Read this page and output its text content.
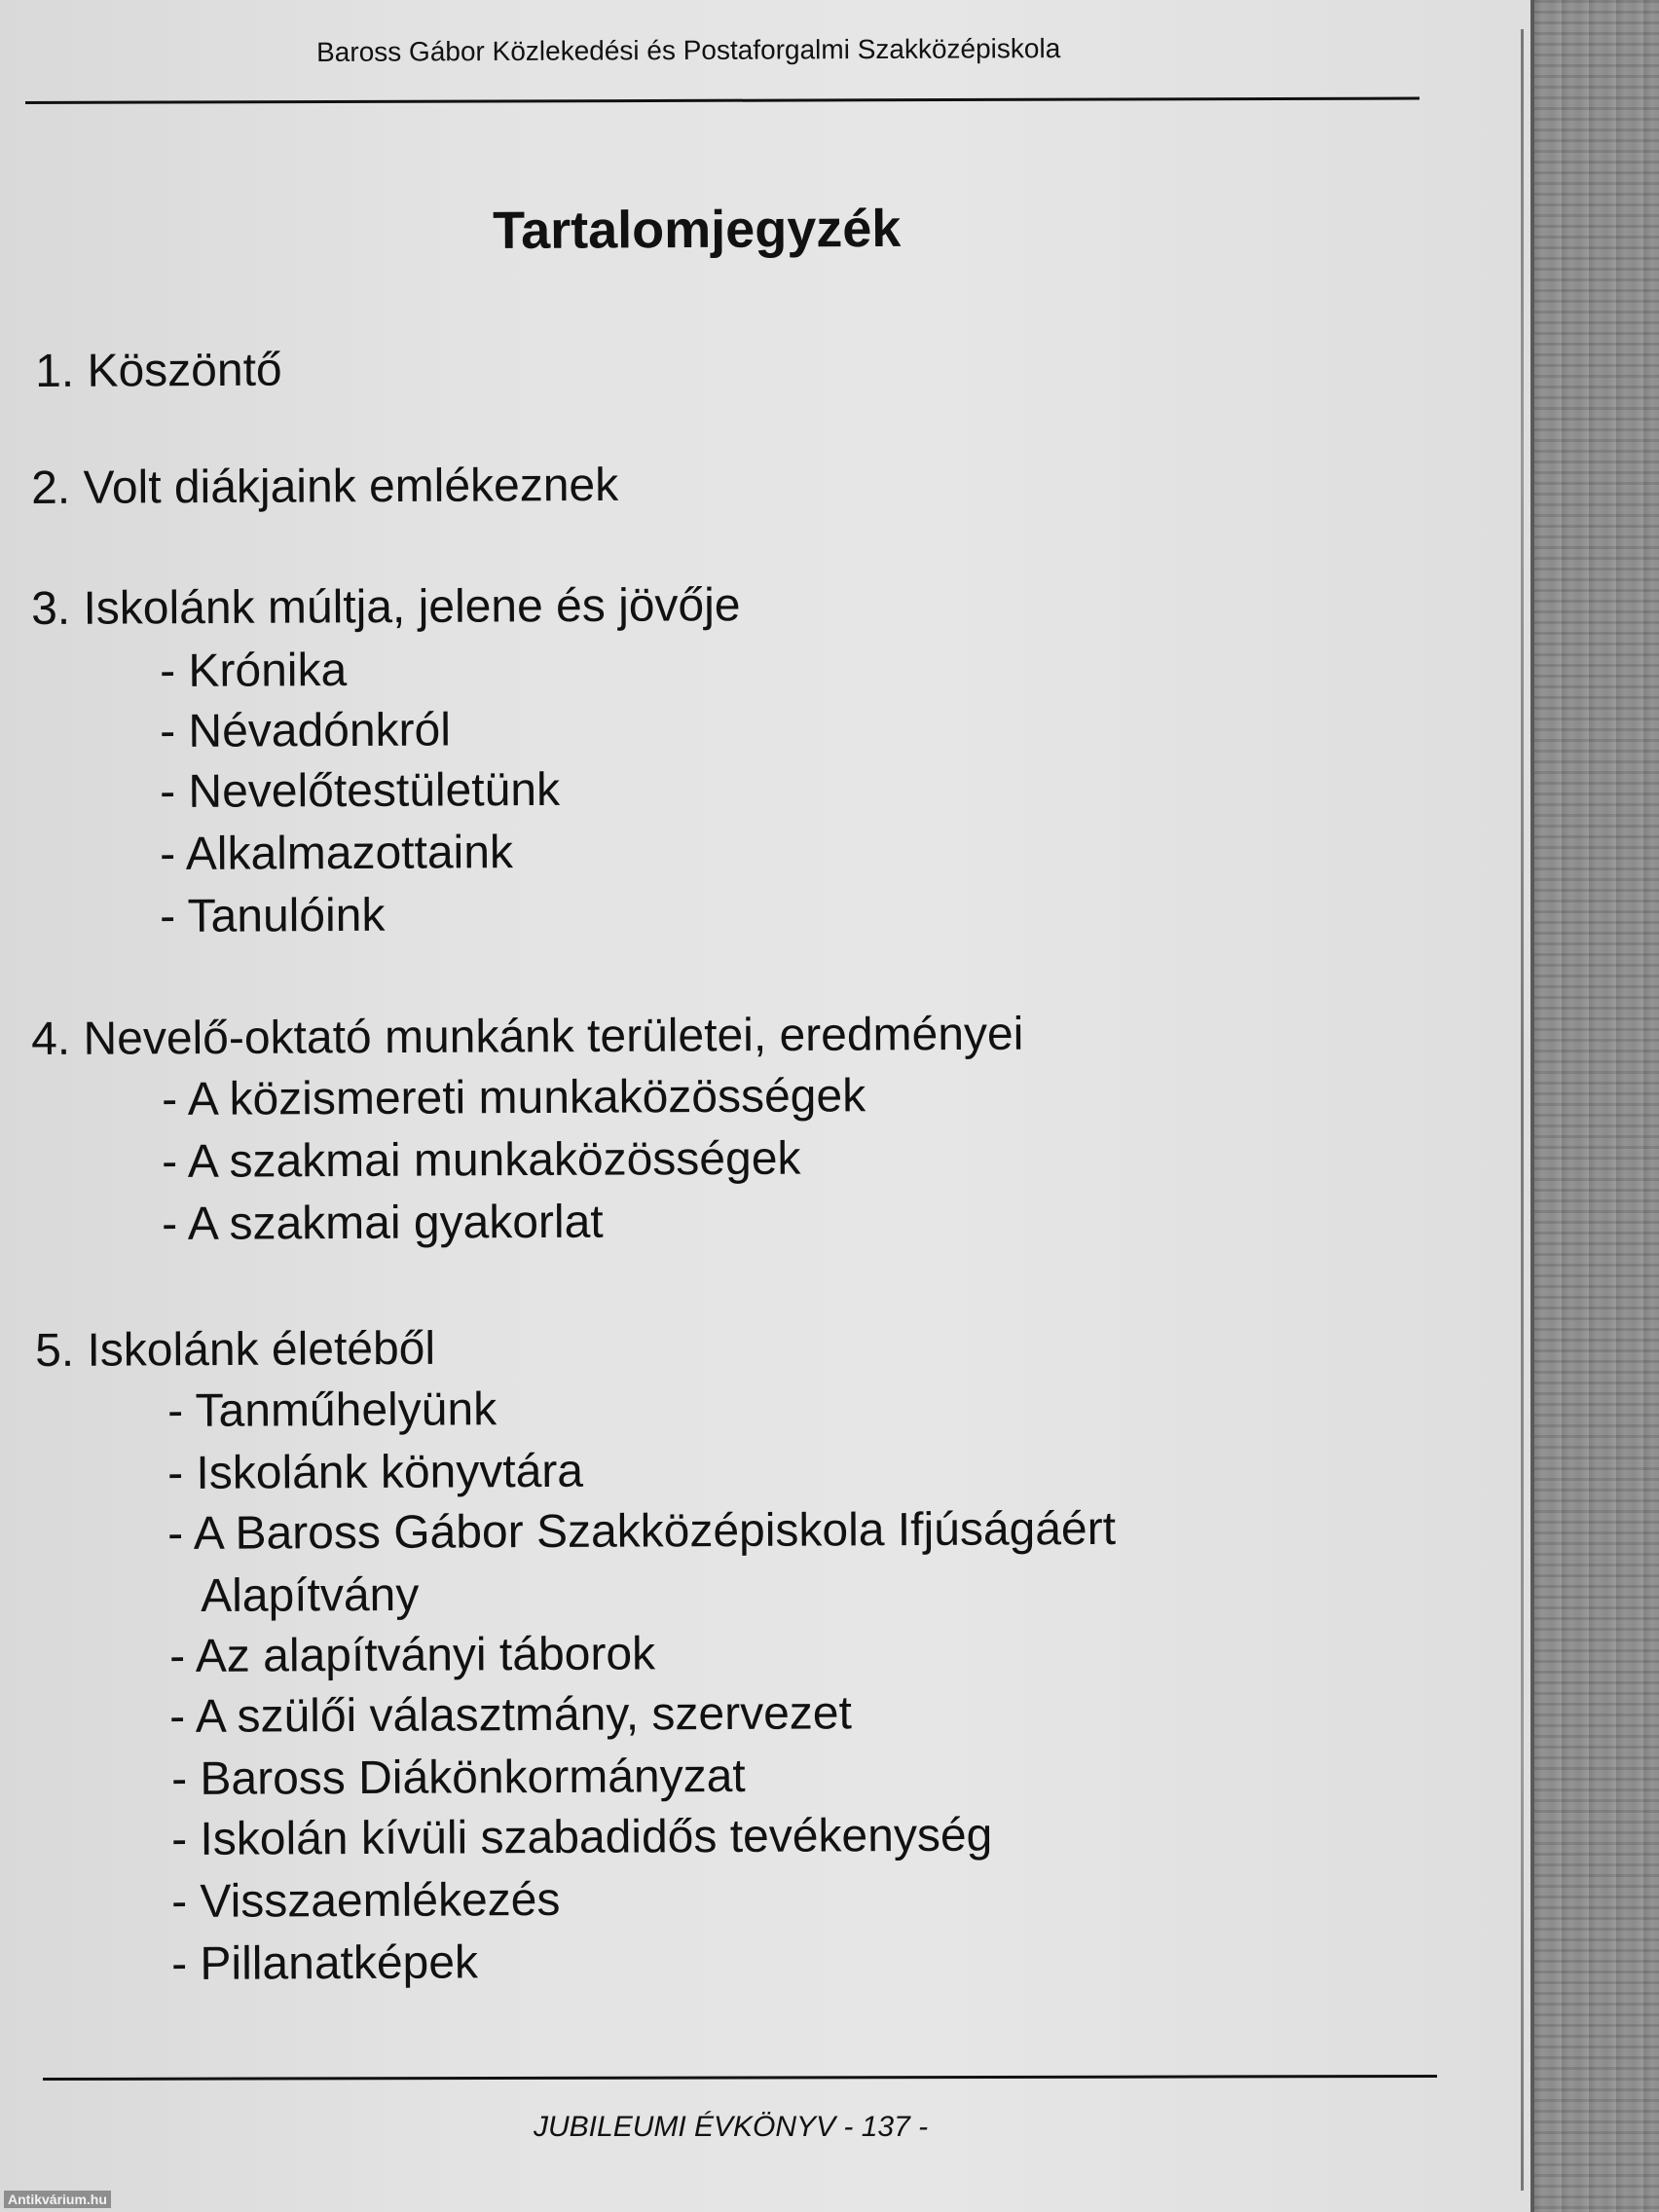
Baross Gábor Közlekedési és Postaforgalmi Szakközépiskola
Tartalomjegyzék
1. Köszöntő
2. Volt diákjaink emlékeznek
3. Iskolánk múltja, jelene és jövője
- Krónika
- Névadónkról
- Nevelőtestületünk
- Alkalmazottaink
- Tanulóink
4. Nevelő-oktató munkánk területei, eredményei
- A közismereti munkaközösségek
- A szakmai munkaközösségek
- A szakmai gyakorlat
5. Iskolánk életéből
- Tanműhelyünk
- Iskolánk könyvtára
- A Baross Gábor Szakközépiskola Ifjúságáért
Alapítvány
- Az alapítványi táborok
- A szülői választmány, szervezet
- Baross Diákönkormányzat
- Iskolán kívüli szabadidős tevékenység
- Visszaemlékezés
- Pillanatképek
JUBILEUMI ÉVKÖNYV - 137 -
Antikvárium.hu
